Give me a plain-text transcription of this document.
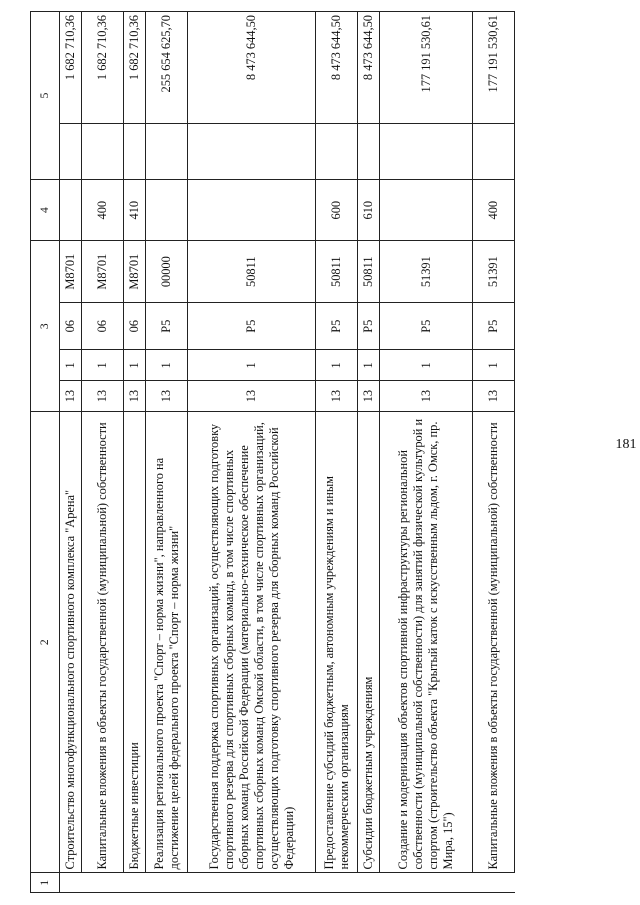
181
1	2	3				4	5	
	Строительство многофункционального спортивного комплекса "Арена"	13	1	06	M8701			1 682 710,36
	Капитальные вложения в объекты государственной (муниципальной) собственности	13	1	06	M8701	400		1 682 710,36
	Бюджетные инвестиции	13	1	06	M8701	410		1 682 710,36
	Реализация регионального проекта "Спорт – норма жизни", направленного на достижение целей федерального проекта "Спорт – норма жизни"	13	1	P5	00000			255 654 625,70
	Государственная поддержка спортивных организаций, осуществляющих подготовку спортивного резерва для спортивных сборных команд, в том числе спортивных сборных команд Российской Федерации (материально-техническое обеспечение спортивных сборных команд Омской области, в том числе спортивных организаций, осуществляющих подготовку спортивного резерва для сборных команд Российской Федерации)	13	1	P5	50811			8 473 644,50
	Предоставление субсидий бюджетным, автономным учреждениям и иным некоммерческим организациям	13	1	P5	50811	600		8 473 644,50
	Субсидии бюджетным учреждениям	13	1	P5	50811	610		8 473 644,50
	Создание и модернизация объектов спортивной инфраструктуры региональной собственности (муниципальной собственности) для занятий физической культурой и спортом (строительство объекта "Крытый каток с искусственным льдом, г. Омск, пр. Мира, 15")	13	1	P5	51391			177 191 530,61
	Капитальные вложения в объекты государственной (муниципальной) собственности	13	1	P5	51391	400		177 191 530,61
